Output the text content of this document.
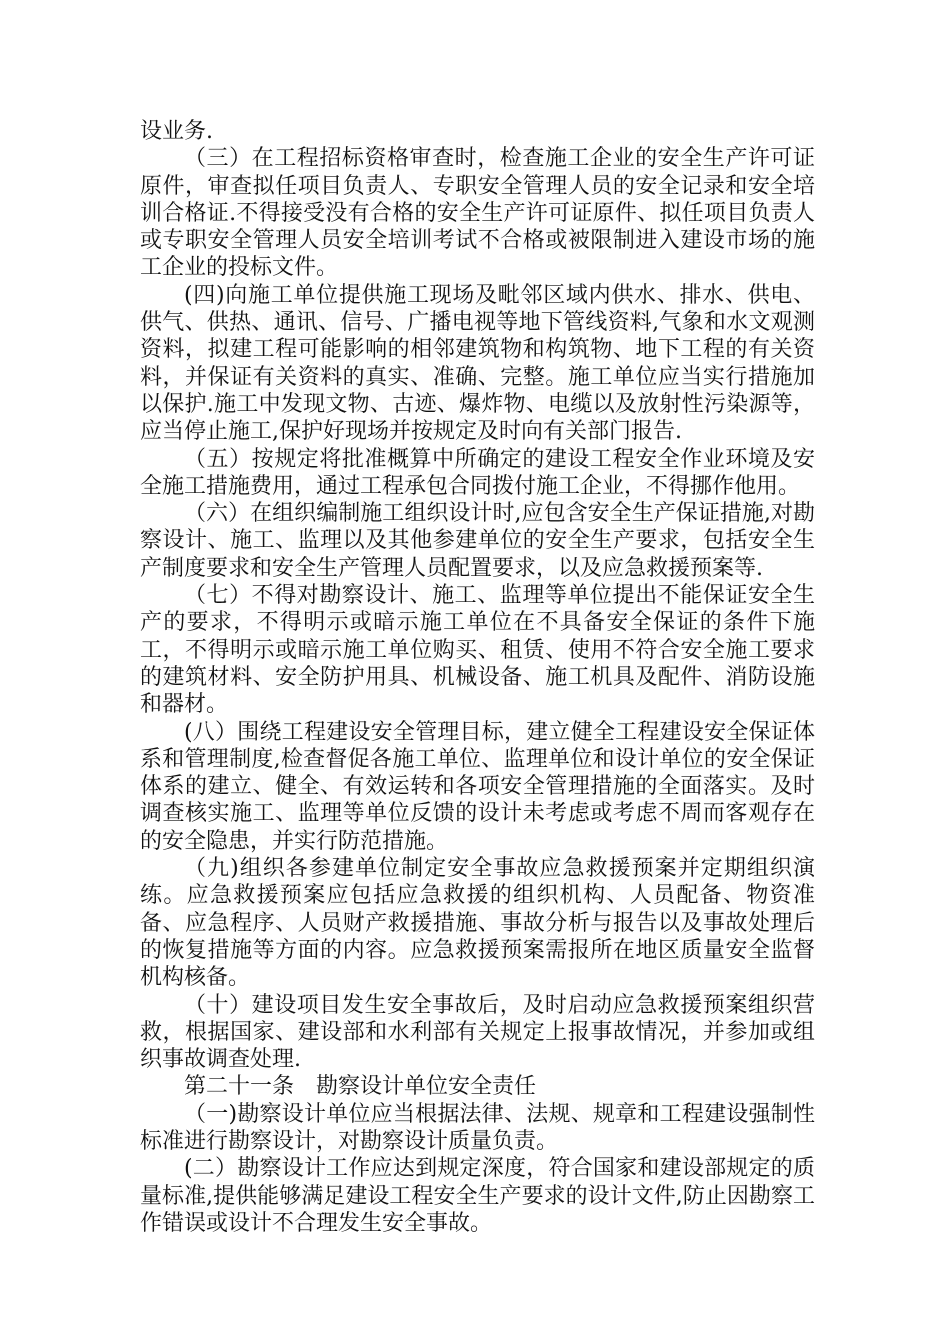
设业务.

（三）在工程招标资格审查时，检查施工企业的安全生产许可证原件，审查拟任项目负责人、专职安全管理人员的安全记录和安全培训合格证.不得接受没有合格的安全生产许可证原件、拟任项目负责人或专职安全管理人员安全培训考试不合格或被限制进入建设市场的施工企业的投标文件。

(四)向施工单位提供施工现场及毗邻区域内供水、排水、供电、供气、供热、通讯、信号、广播电视等地下管线资料,气象和水文观测资料，拟建工程可能影响的相邻建筑物和构筑物、地下工程的有关资料，并保证有关资料的真实、准确、完整。施工单位应当实行措施加以保护.施工中发现文物、古迹、爆炸物、电缆以及放射性污染源等，应当停止施工,保护好现场并按规定及时向有关部门报告.

（五）按规定将批准概算中所确定的建设工程安全作业环境及安全施工措施费用，通过工程承包合同拨付施工企业，不得挪作他用。

（六）在组织编制施工组织设计时,应包含安全生产保证措施,对勘察设计、施工、监理以及其他参建单位的安全生产要求，包括安全生产制度要求和安全生产管理人员配置要求，以及应急救援预案等.

（七）不得对勘察设计、施工、监理等单位提出不能保证安全生产的要求，不得明示或暗示施工单位在不具备安全保证的条件下施工，不得明示或暗示施工单位购买、租赁、使用不符合安全施工要求的建筑材料、安全防护用具、机械设备、施工机具及配件、消防设施和器材。

(八）围绕工程建设安全管理目标，建立健全工程建设安全保证体系和管理制度,检查督促各施工单位、监理单位和设计单位的安全保证体系的建立、健全、有效运转和各项安全管理措施的全面落实。及时调查核实施工、监理等单位反馈的设计未考虑或考虑不周而客观存在的安全隐患，并实行防范措施。

（九)组织各参建单位制定安全事故应急救援预案并定期组织演练。应急救援预案应包括应急救援的组织机构、人员配备、物资准备、应急程序、人员财产救援措施、事故分析与报告以及事故处理后的恢复措施等方面的内容。应急救援预案需报所在地区质量安全监督机构核备。

（十）建设项目发生安全事故后，及时启动应急救援预案组织营救，根据国家、建设部和水利部有关规定上报事故情况，并参加或组织事故调查处理.

第二十一条　勘察设计单位安全责任

（一)勘察设计单位应当根据法律、法规、规章和工程建设强制性标准进行勘察设计，对勘察设计质量负责。

(二）勘察设计工作应达到规定深度，符合国家和建设部规定的质量标准,提供能够满足建设工程安全生产要求的设计文件,防止因勘察工作错误或设计不合理发生安全事故。
